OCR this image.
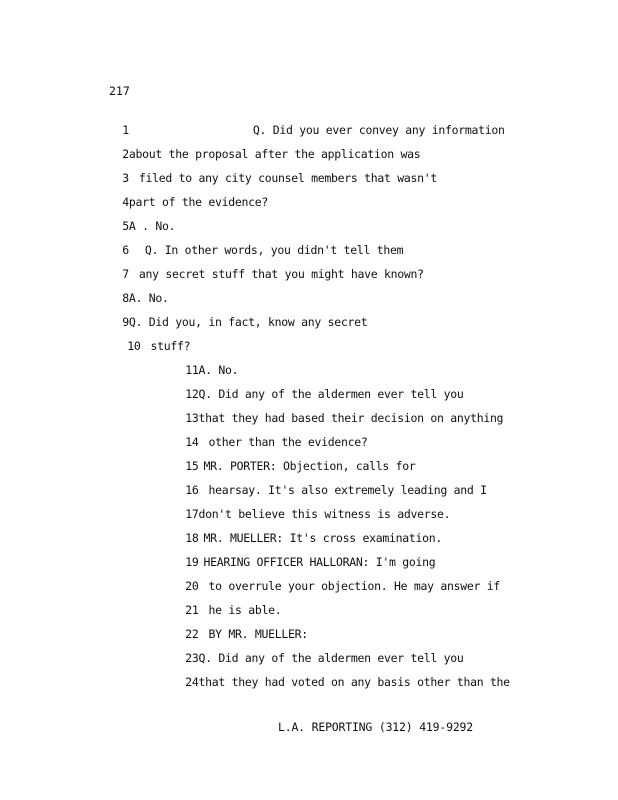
217

1	Q. Did you ever convey any information

2about the proposal after the application was

3 filed to any city counsel members that wasn't

4part of the evidence?

5A . No.

6 Q. In other words, you didn't tell them

7 any secret stuff that you might have known?

8A. No.

9Q. Did you, in fact, know any secret

10 stuff?

11A. No.

12Q. Did any of the aldermen ever tell you

13that they had based their decision on anything

14 other than the evidence?

15 MR. PORTER: Objection, calls for

16 hearsay. It's also extremely leading and I

17don't believe this witness is adverse.

18 MR. MUELLER: It's cross examination.

19 HEARING OFFICER HALLORAN: I'm going

20 to overrule your objection. He may answer if

21 he is able.

22 BY MR. MUELLER:

23Q. Did any of the aldermen ever tell you

24that they had voted on any basis other than the

L.A. REPORTING (312) 419-9292
